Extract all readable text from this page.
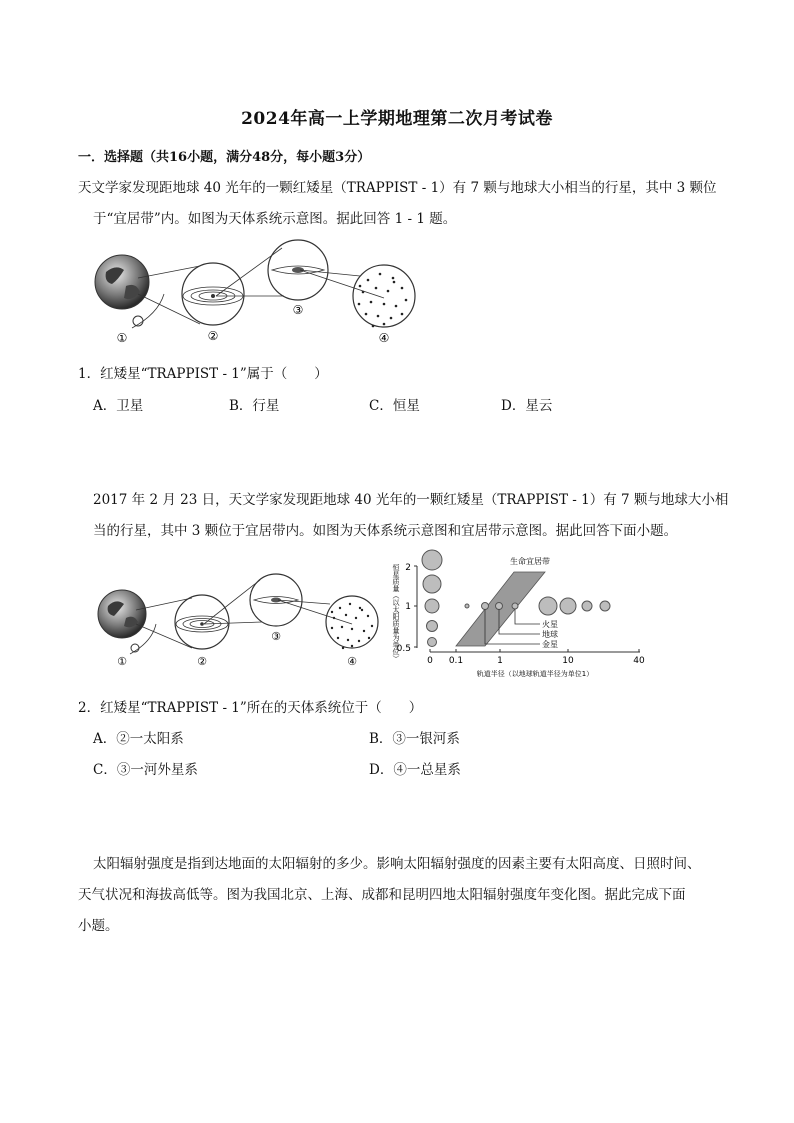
2024年高一上学期地理第二次月考试卷
一．选择题（共16小题，满分48分，每小题3分）
天文学家发现距地球 40 光年的一颗红矮星（TRAPPIST - 1）有 7 颗与地球大小相当的行星，其中 3 颗位
于“宜居带”内。如图为天体系统示意图。据此回答 1 - 1 题。
①	②
③
④
1．红矮星“TRAPPIST - 1”属于（　　）
A．卫星	B．行星	C．恒星	D．星云
2017 年 2 月 23 日，天文学家发现距地球 40 光年的一颗红矮星（TRAPPIST - 1）有 7 颗与地球大小相
当的行星，其中 3 颗位于宜居带内。如图为天体系统示意图和宜居带示意图。据此回答下面小题。
①	②
③
④	恒星质量（以太阳质量为单位） 2
1
0.5
0 0.1	1	10	40
轨道半径（以地球轨道半径为单位1）
生命宜居带
火星
地球
金星
2．红矮星“TRAPPIST - 1”所在的天体系统位于（　　）
A．②一太阳系	B．③一银河系
C．③一河外星系	D．④一总星系
太阳辐射强度是指到达地面的太阳辐射的多少。影响太阳辐射强度的因素主要有太阳高度、日照时间、
天气状况和海拔高低等。图为我国北京、上海、成都和昆明四地太阳辐射强度年变化图。据此完成下面
小题。
